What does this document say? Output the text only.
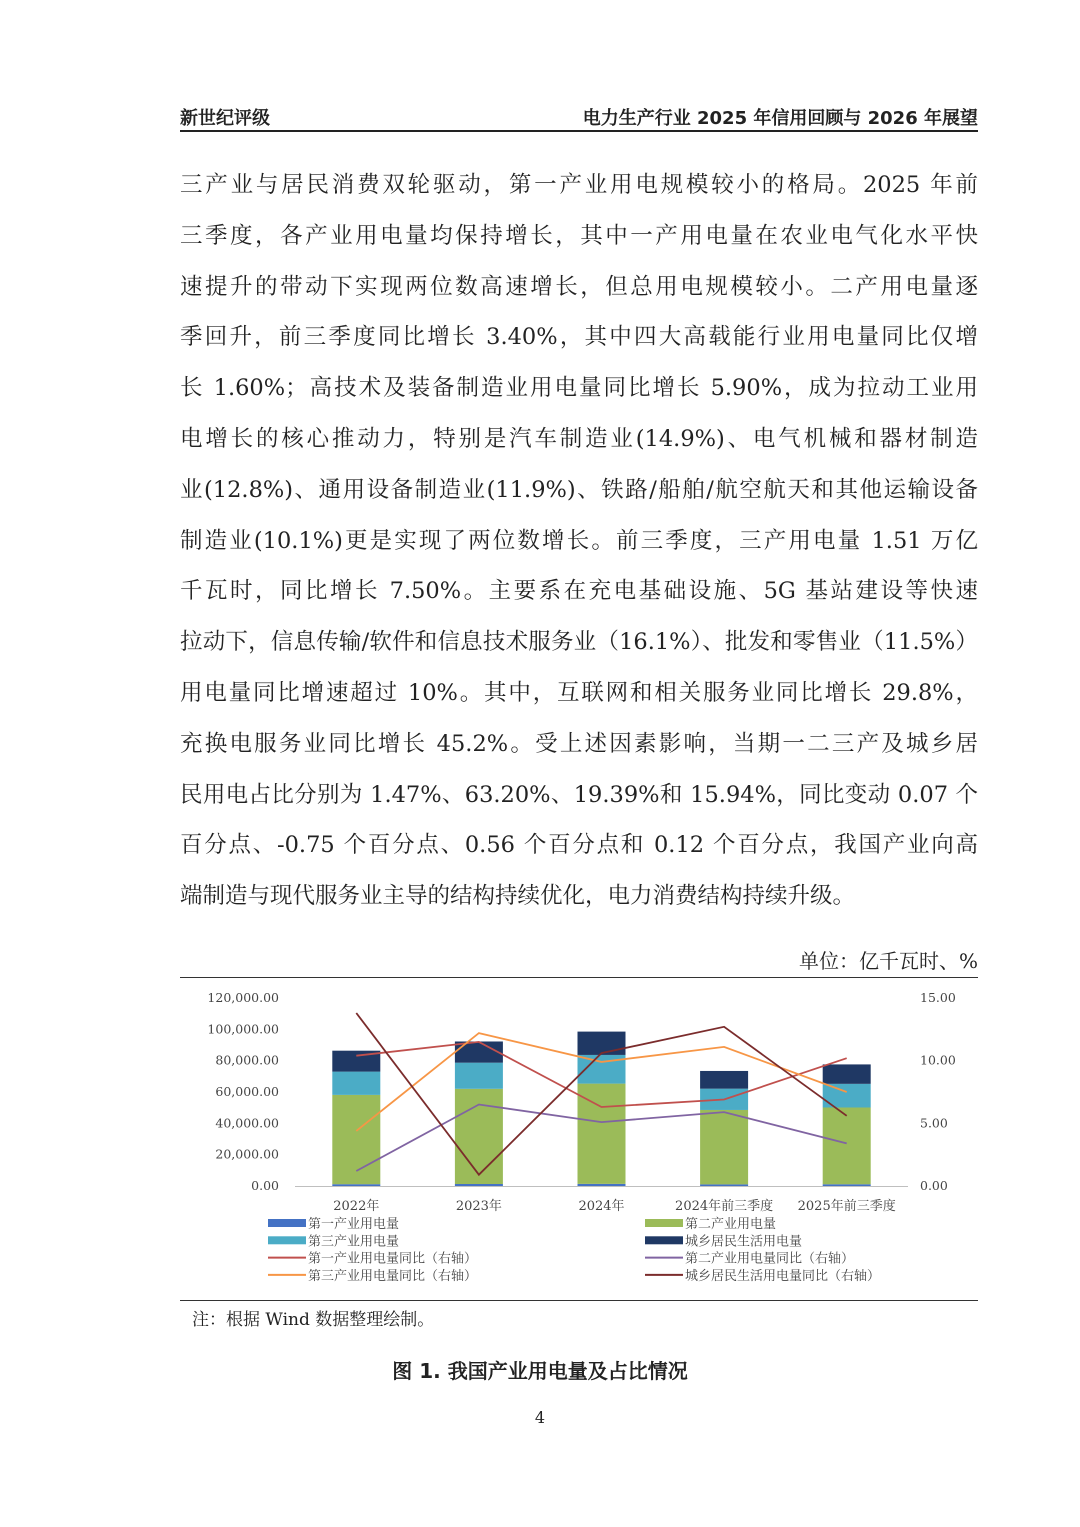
新世纪评级	电力生产行业 2025 年信用回顾与 2026 年展望
三产业与居民消费双轮驱动，第一产业用电规模较小的格局。2025 年前
三季度，各产业用电量均保持增长，其中一产用电量在农业电气化水平快
速提升的带动下实现两位数高速增长，但总用电规模较小。二产用电量逐
季回升，前三季度同比增长 3.40%，其中四大高载能行业用电量同比仅增
长 1.60%；高技术及装备制造业用电量同比增长 5.90%，成为拉动工业用
电增长的核心推动力，特别是汽车制造业(14.9%)、电气机械和器材制造
业(12.8%)、通用设备制造业(11.9%)、铁路/船舶/航空航天和其他运输设备
制造业(10.1%)更是实现了两位数增长。前三季度，三产用电量 1.51 万亿
千瓦时，同比增长 7.50%。主要系在充电基础设施、5G 基站建设等快速
拉动下，信息传输/软件和信息技术服务业（16.1%）、批发和零售业（11.5%）
用电量同比增速超过 10%。其中，互联网和相关服务业同比增长 29.8%，
充换电服务业同比增长 45.2%。受上述因素影响，当期一二三产及城乡居
民用电占比分别为 1.47%、63.20%、19.39%和 15.94%，同比变动 0.07 个
百分点、-0.75 个百分点、0.56 个百分点和 0.12 个百分点，我国产业向高
端制造与现代服务业主导的结构持续优化，电力消费结构持续升级。
单位：亿千瓦时、%
0.00
20,000.00
40,000.00
60,000.00
80,000.00
100,000.00
120,000.00
0.00
5.00
10.00
15.00
2022年	2023年	2024年	2024年前三季度 2025年前三季度
第一产业用电量	第二产业用电量
第三产业用电量	城乡居民生活用电量
第一产业用电量同比（右轴）	第二产业用电量同比（右轴）
第三产业用电量同比（右轴）	城乡居民生活用电量同比（右轴）
注：根据 Wind 数据整理绘制。
图 1. 我国产业用电量及占比情况
4
